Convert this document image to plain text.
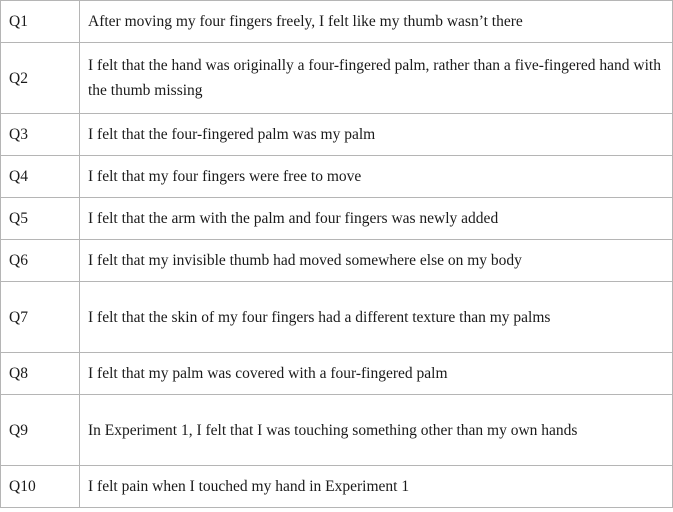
Q1	After moving my four fingers freely, I felt like my thumb wasn’t there
Q2	I felt that the hand was originally a four-fingered palm, rather than a five-fingered hand with the thumb missing
Q3	I felt that the four-fingered palm was my palm
Q4	I felt that my four fingers were free to move
Q5	I felt that the arm with the palm and four fingers was newly added
Q6	I felt that my invisible thumb had moved somewhere else on my body
Q7	I felt that the skin of my four fingers had a different texture than my palms
Q8	I felt that my palm was covered with a four-fingered palm
Q9	In Experiment 1, I felt that I was touching something other than my own hands
Q10	I felt pain when I touched my hand in Experiment 1
